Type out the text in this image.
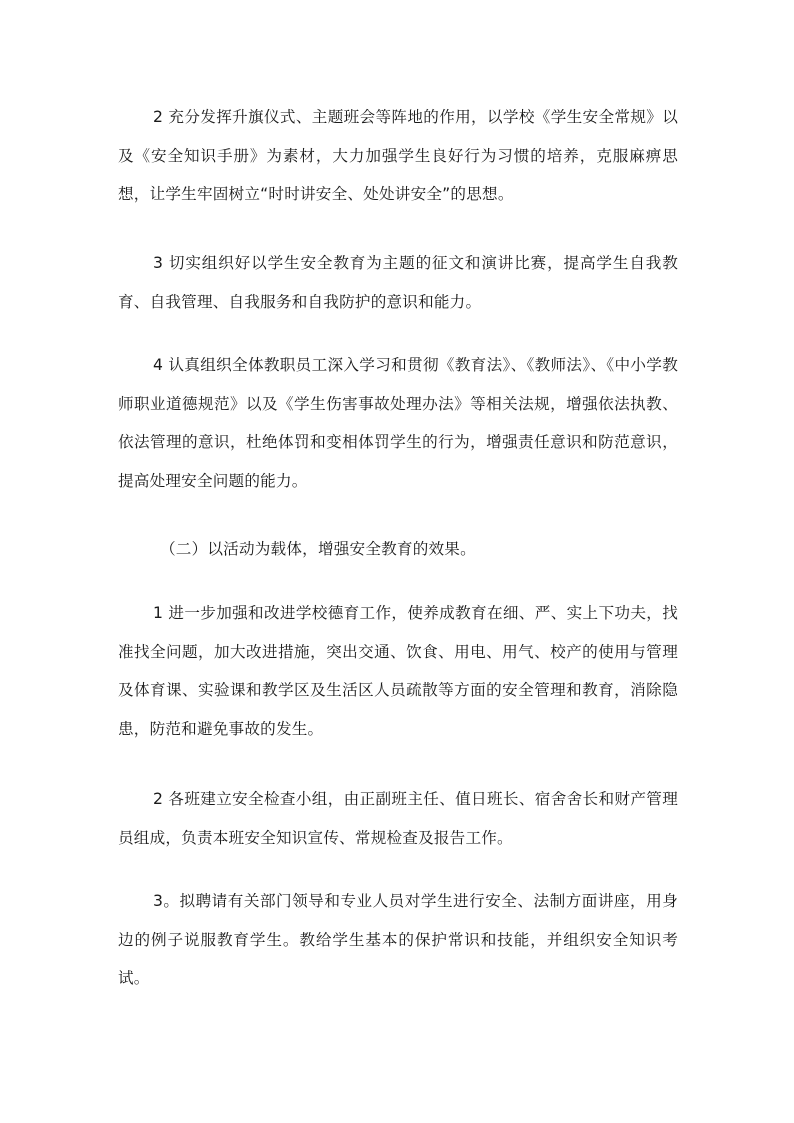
2 充分发挥升旗仪式、主题班会等阵地的作用，以学校《学生安全常规》以及《安全知识手册》为素材，大力加强学生良好行为习惯的培养，克服麻痹思想，让学生牢固树立“时时讲安全、处处讲安全”的思想。

3 切实组织好以学生安全教育为主题的征文和演讲比赛，提高学生自我教育、自我管理、自我服务和自我防护的意识和能力。

4 认真组织全体教职员工深入学习和贯彻《教育法》、《教师法》、《中小学教师职业道德规范》以及《学生伤害事故处理办法》等相关法规，增强依法执教、依法管理的意识，杜绝体罚和变相体罚学生的行为，增强责任意识和防范意识，提高处理安全问题的能力。

（二）以活动为载体，增强安全教育的效果。

1 进一步加强和改进学校德育工作，使养成教育在细、严、实上下功夫，找准找全问题，加大改进措施，突出交通、饮食、用电、用气、校产的使用与管理及体育课、实验课和教学区及生活区人员疏散等方面的安全管理和教育，消除隐患，防范和避免事故的发生。

2 各班建立安全检查小组，由正副班主任、值日班长、宿舍舍长和财产管理员组成，负责本班安全知识宣传、常规检查及报告工作。

3。拟聘请有关部门领导和专业人员对学生进行安全、法制方面讲座，用身边的例子说服教育学生。教给学生基本的保护常识和技能，并组织安全知识考试。
